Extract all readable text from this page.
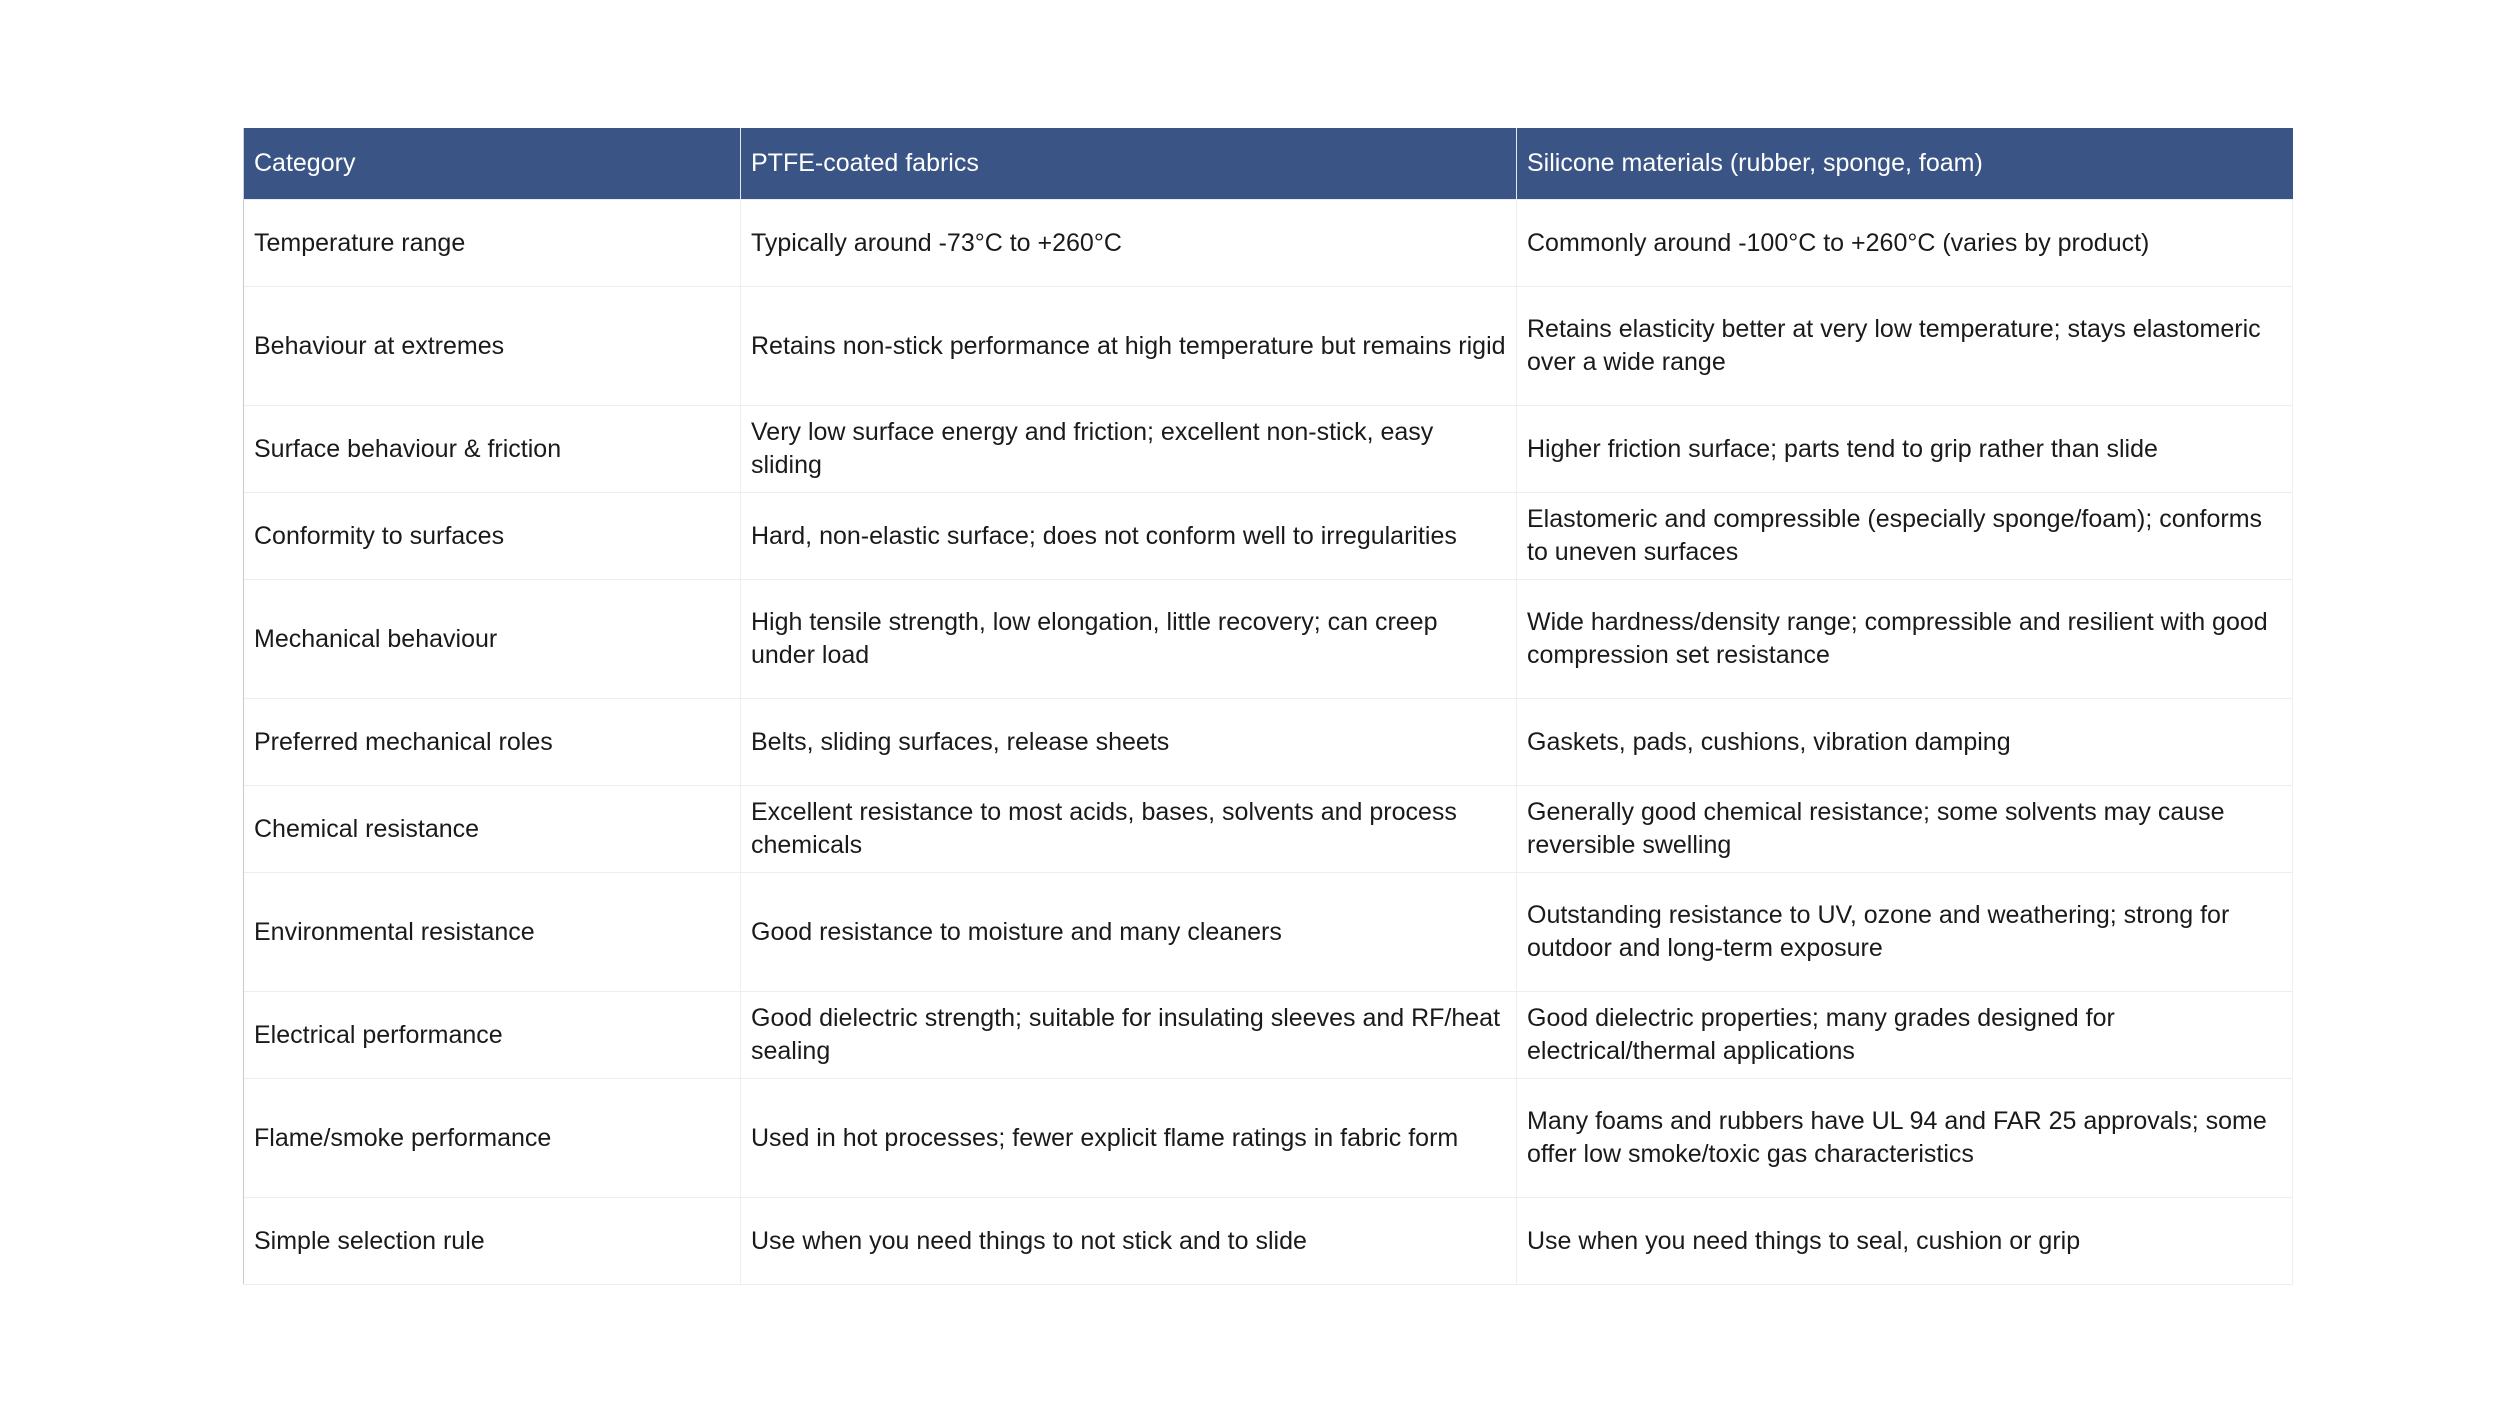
Category	PTFE-coated fabrics	Silicone materials (rubber, sponge, foam)
Temperature range	Typically around -73°C to +260°C	Commonly around -100°C to +260°C (varies by product)
Behaviour at extremes	Retains non-stick performance at high temperature but remains rigid	Retains elasticity better at very low temperature; stays elastomeric over a wide range
Surface behaviour & friction	Very low surface energy and friction; excellent non-stick, easy sliding	Higher friction surface; parts tend to grip rather than slide
Conformity to surfaces	Hard, non-elastic surface; does not conform well to irregularities	Elastomeric and compressible (especially sponge/foam); conforms to uneven surfaces
Mechanical behaviour	High tensile strength, low elongation, little recovery; can creep under load	Wide hardness/density range; compressible and resilient with good compression set resistance
Preferred mechanical roles	Belts, sliding surfaces, release sheets	Gaskets, pads, cushions, vibration damping
Chemical resistance	Excellent resistance to most acids, bases, solvents and process chemicals	Generally good chemical resistance; some solvents may cause reversible swelling
Environmental resistance	Good resistance to moisture and many cleaners	Outstanding resistance to UV, ozone and weathering; strong for outdoor and long-term exposure
Electrical performance	Good dielectric strength; suitable for insulating sleeves and RF/heat sealing	Good dielectric properties; many grades designed for electrical/thermal applications
Flame/smoke performance	Used in hot processes; fewer explicit flame ratings in fabric form	Many foams and rubbers have UL 94 and FAR 25 approvals; some offer low smoke/toxic gas characteristics
Simple selection rule	Use when you need things to not stick and to slide	Use when you need things to seal, cushion or grip
